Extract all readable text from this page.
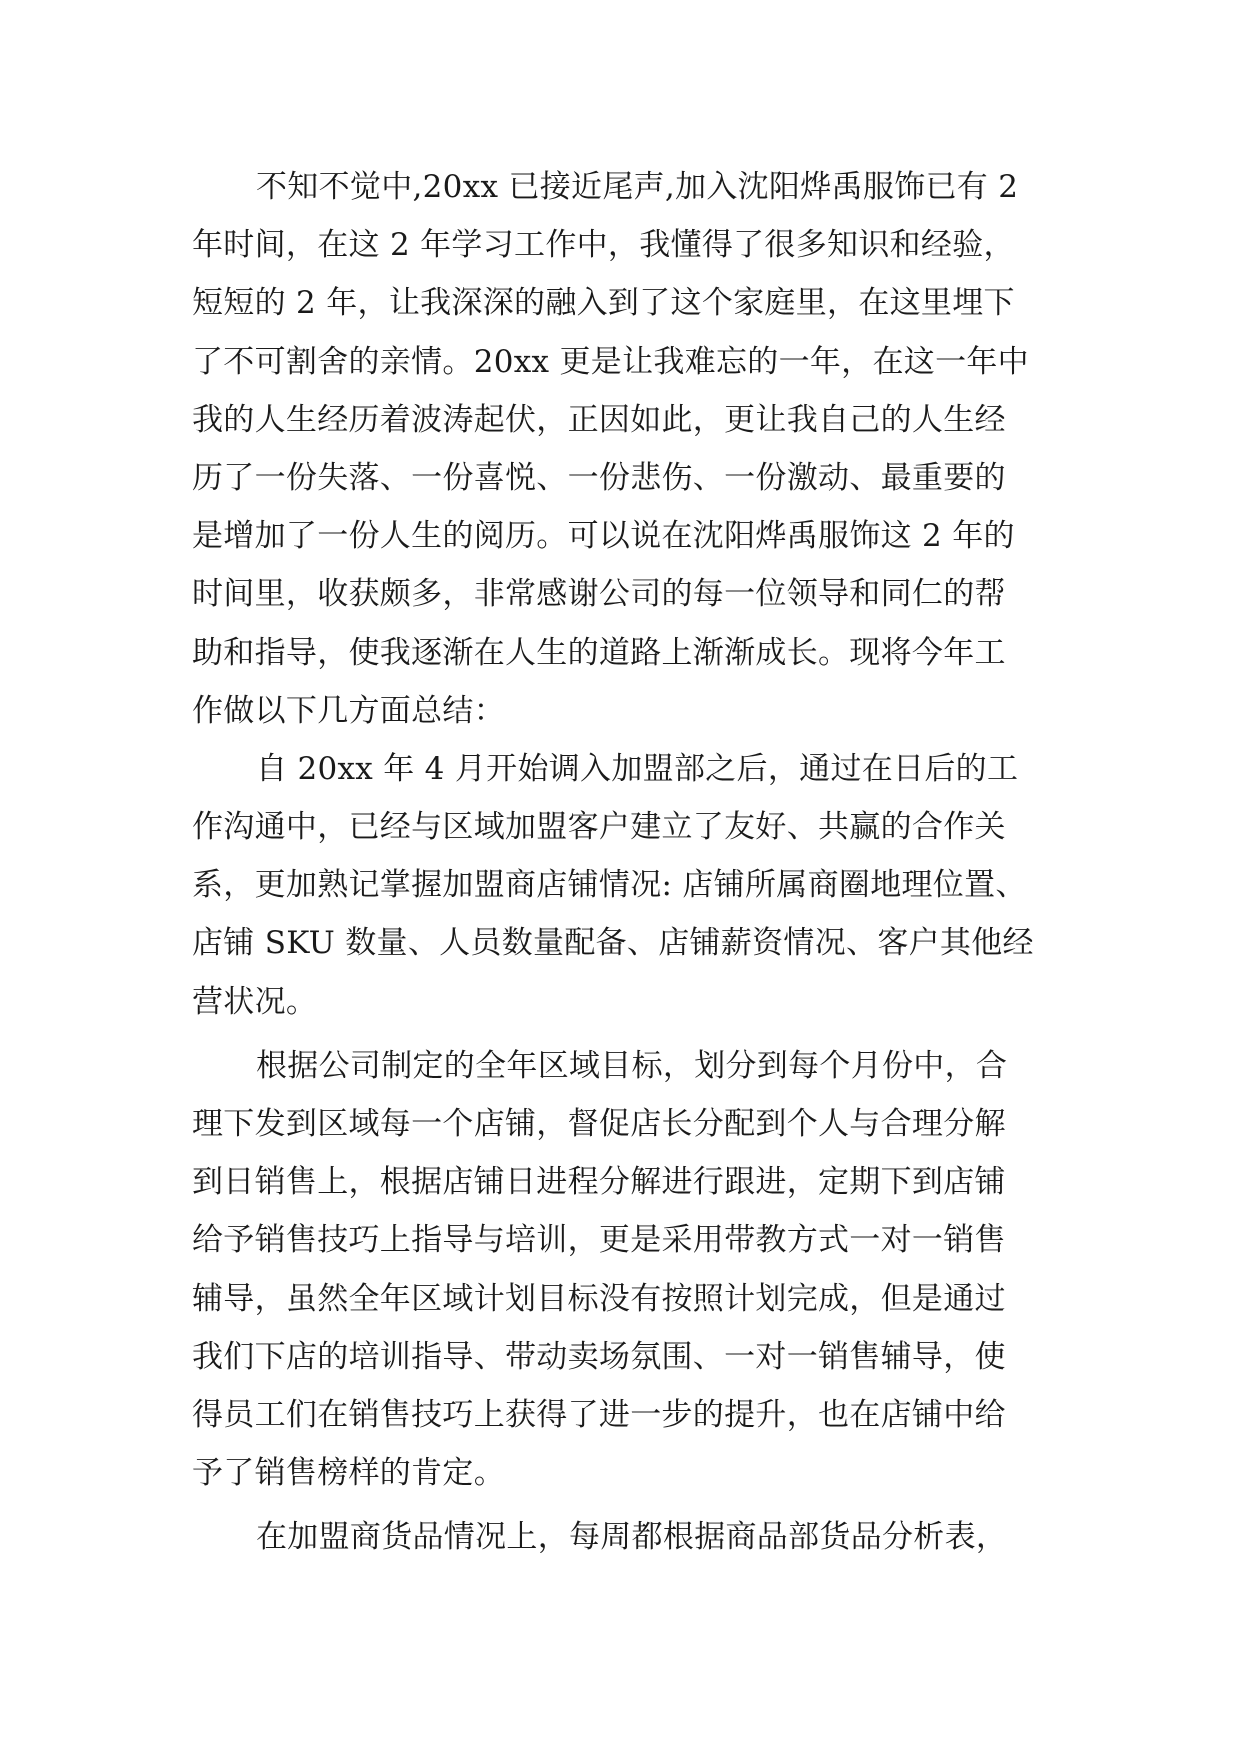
不知不觉中,20xx 已接近尾声,加入沈阳烨禹服饰已有 2
年时间，在这 2 年学习工作中，我懂得了很多知识和经验，
短短的 2 年，让我深深的融入到了这个家庭里，在这里埋下
了不可割舍的亲情。20xx 更是让我难忘的一年，在这一年中
我的人生经历着波涛起伏，正因如此，更让我自己的人生经
历了一份失落、一份喜悦、一份悲伤、一份激动、最重要的
是增加了一份人生的阅历。可以说在沈阳烨禹服饰这 2 年的
时间里，收获颇多，非常感谢公司的每一位领导和同仁的帮
助和指导，使我逐渐在人生的道路上渐渐成长。现将今年工
作做以下几方面总结：
自 20xx 年 4 月开始调入加盟部之后，通过在日后的工
作沟通中，已经与区域加盟客户建立了友好、共赢的合作关
系，更加熟记掌握加盟商店铺情况: 店铺所属商圈地理位置、
店铺 SKU 数量、人员数量配备、店铺薪资情况、客户其他经
营状况。
根据公司制定的全年区域目标，划分到每个月份中，合
理下发到区域每一个店铺，督促店长分配到个人与合理分解
到日销售上，根据店铺日进程分解进行跟进，定期下到店铺
给予销售技巧上指导与培训，更是采用带教方式一对一销售
辅导，虽然全年区域计划目标没有按照计划完成，但是通过
我们下店的培训指导、带动卖场氛围、一对一销售辅导，使
得员工们在销售技巧上获得了进一步的提升，也在店铺中给
予了销售榜样的肯定。
在加盟商货品情况上，每周都根据商品部货品分析表，
